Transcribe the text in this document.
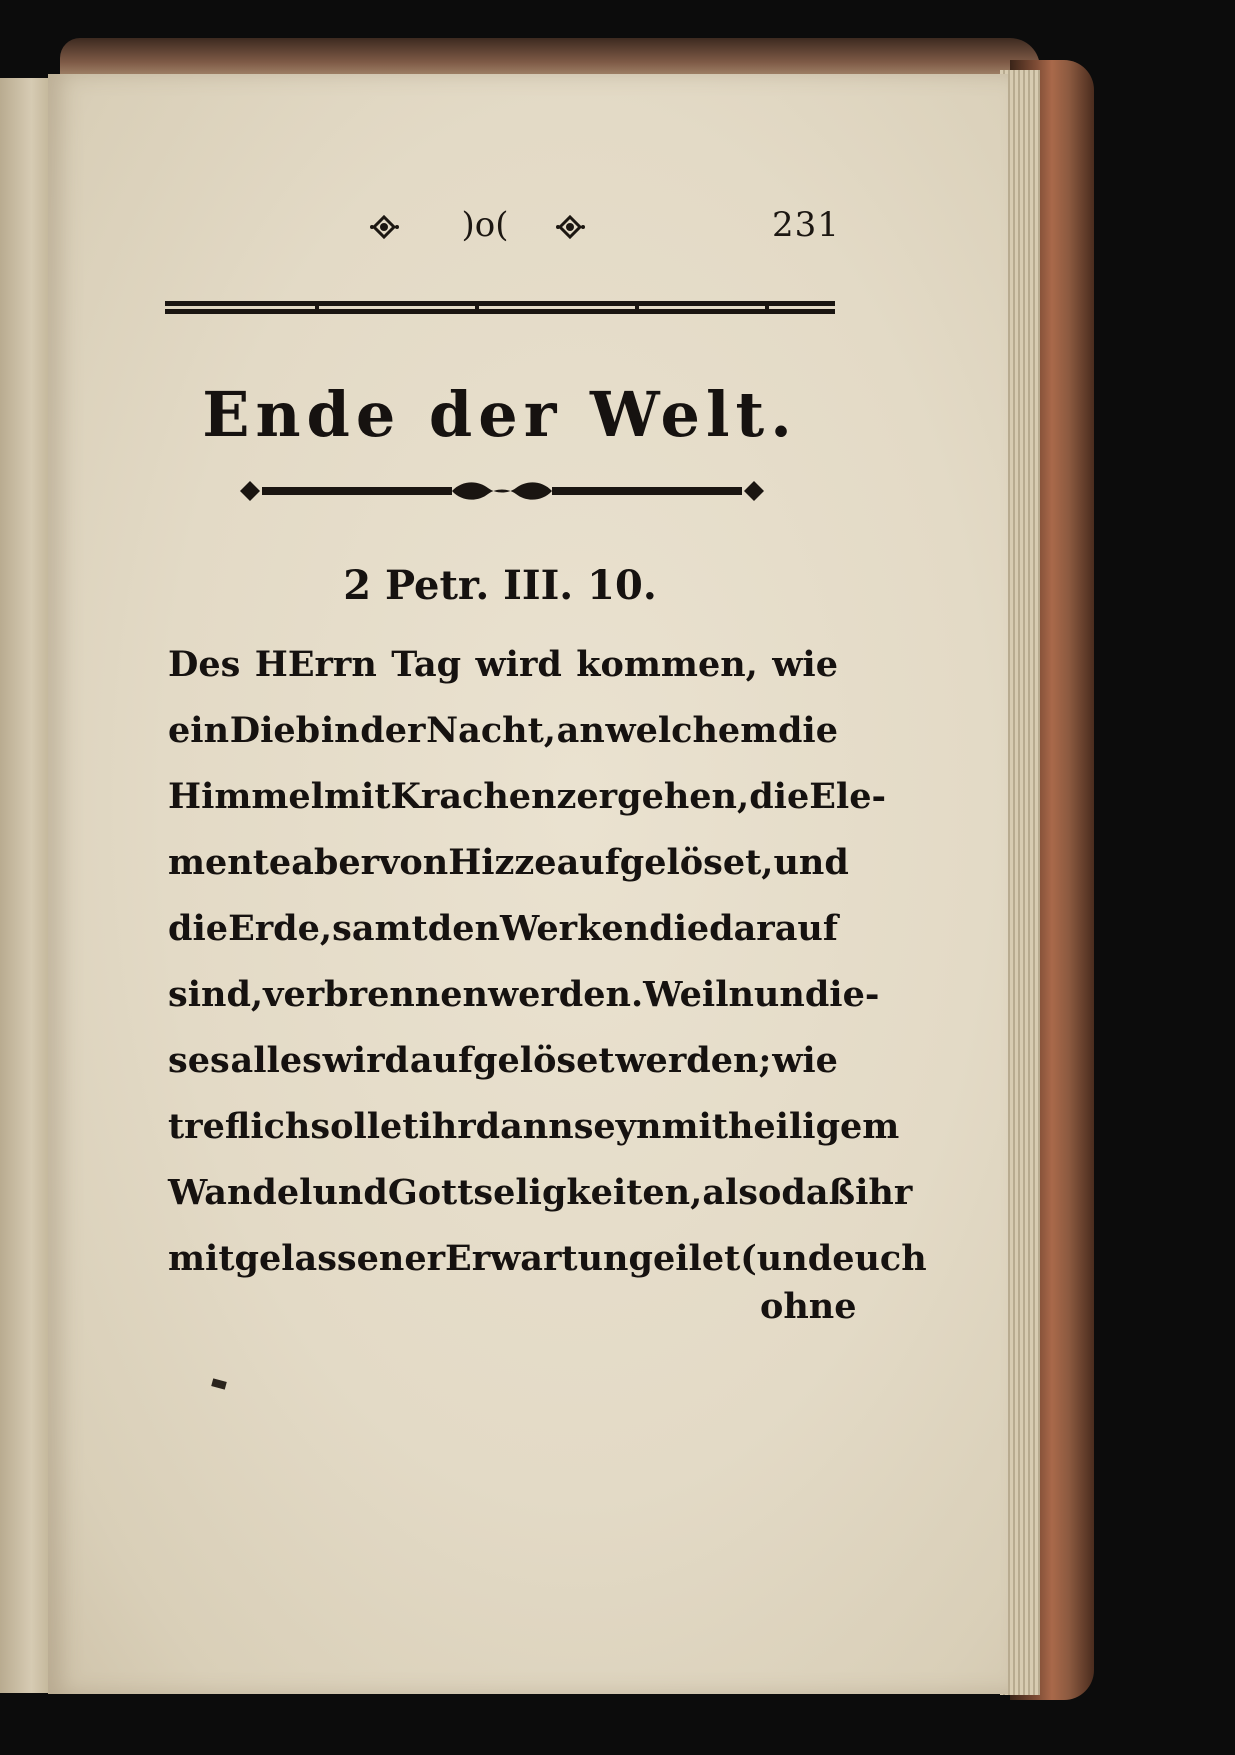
)o(	231
Ende der Welt.
2 Petr. III. 10.
Des HErrn Tag wird kommen, wie
ein Dieb in der Nacht, an welchem die
Himmel mit Krachen zergehen, die Ele-
mente aber von Hizze aufgelöset, und
die Erde, samt den Werken die darauf
sind, verbrennen werden. Weil nun die-
ses alles wird aufgelöset werden; wie
treflich sollet ihr dann seyn mit heiligem
Wandel und Gottseligkeiten, also daß ihr
mit gelassener Erwartung eilet (und euch
ohne
